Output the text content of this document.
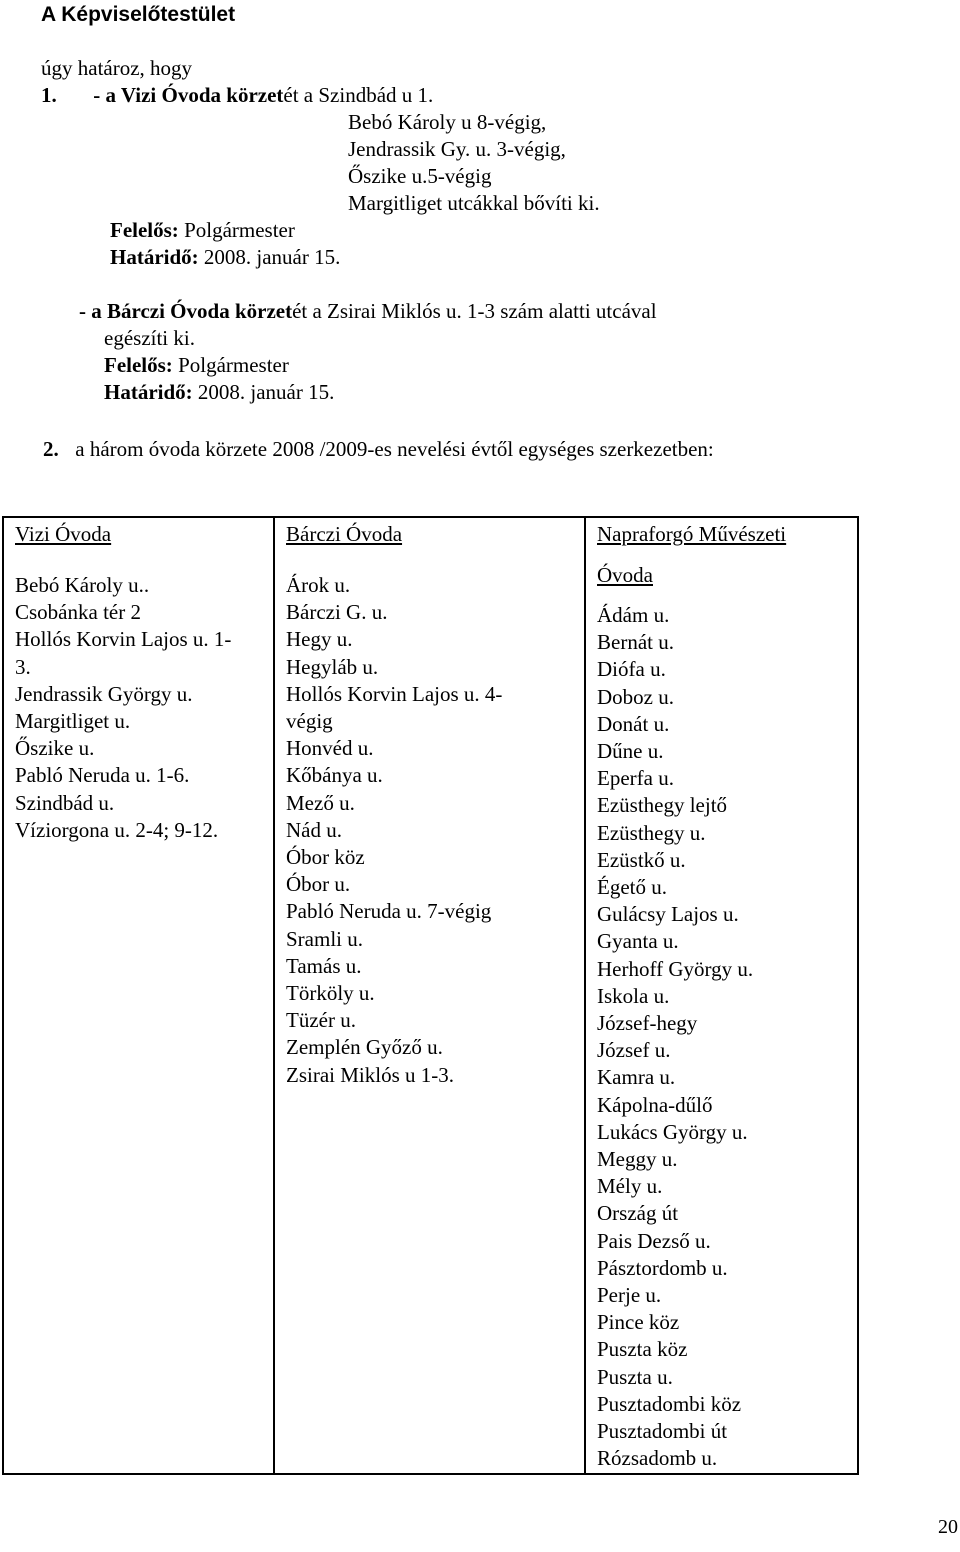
A Képviselőtestület
úgy határoz, hogy
1. - a Vizi Óvoda körzetét a Szindbád u 1.
Bebó Károly u 8-végig,
Jendrassik Gy. u. 3-végig,
Őszike u.5-végig
Margitliget utcákkal bővíti ki.
Felelős: Polgármester
Határidő: 2008. január 15.
- a Bárczi Óvoda körzetét a Zsirai Miklós u. 1-3 szám alatti utcával
egészíti ki.
Felelős: Polgármester
Határidő: 2008. január 15.
2. a három óvoda körzete 2008 /2009-es nevelési évtől egységes szerkezetben:
Vizi Óvoda
Bebó Károly u..
Csobánka tér 2
Hollós Korvin Lajos u. 1-
3.
Jendrassik György u.
Margitliget u.
Őszike u.
Pabló Neruda u. 1-6.
Szindbád u.
Víziorgona u. 2-4; 9-12.

Bárczi Óvoda
Árok u.
Bárczi G. u.
Hegy u.
Hegyláb u.
Hollós Korvin Lajos u. 4-
végig
Honvéd u.
Kőbánya u.
Mező u.
Nád u.
Óbor köz
Óbor u.
Pabló Neruda u. 7-végig
Sramli u.
Tamás u.
Törköly u.
Tüzér u.
Zemplén Győző u.
Zsirai Miklós u 1-3.

Napraforgó Művészeti
Óvoda
Ádám u.
Bernát u.
Diófa u.
Doboz u.
Donát u.
Dűne u.
Eperfa u.
Ezüsthegy lejtő
Ezüsthegy u.
Ezüstkő u.
Égető u.
Gulácsy Lajos u.
Gyanta u.
Herhoff György u.
Iskola u.
József-hegy
József u.
Kamra u.
Kápolna-dűlő
Lukács György u.
Meggy u.
Mély u.
Ország út
Pais Dezső u.
Pásztordomb u.
Perje u.
Pince köz
Puszta köz
Puszta u.
Pusztadombi köz
Pusztadombi út
Rózsadomb u.
20
